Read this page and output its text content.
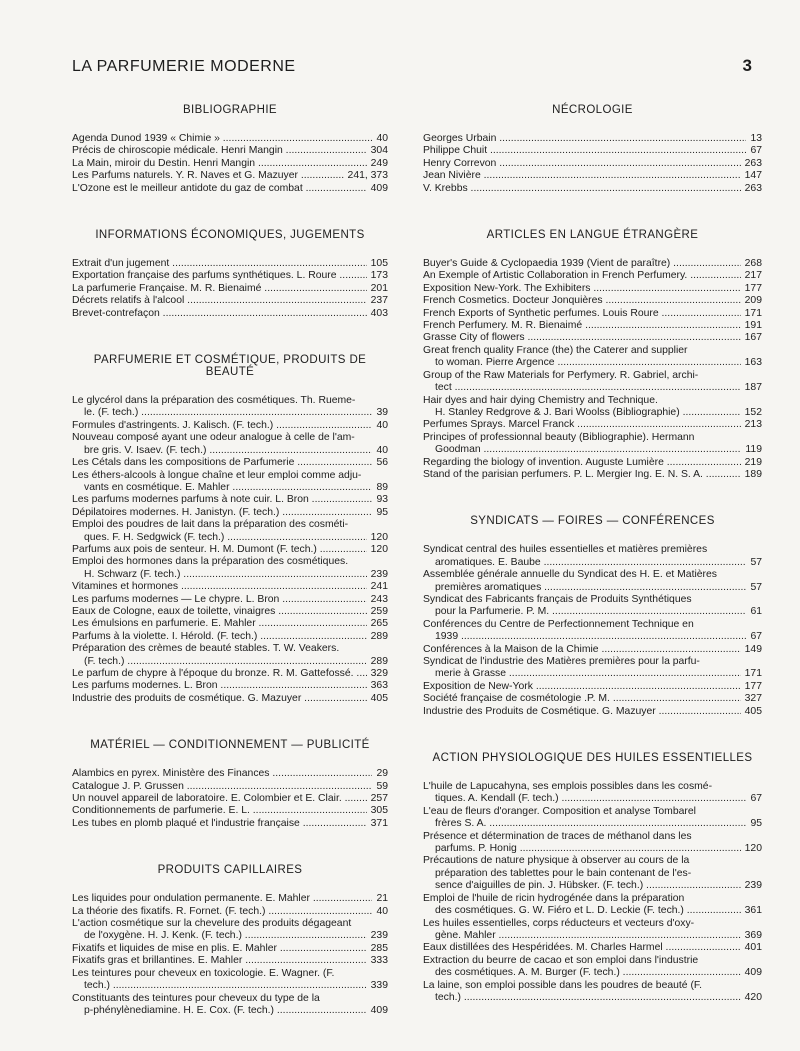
LA PARFUMERIE MODERNE	3
BIBLIOGRAPHIE
Agenda Dunod 1939 « Chimie » .....	40
Précis de chiroscopie médicale. Henri Mangin .....	304
La Main, miroir du Destin. Henri Mangin .....	249
Les Parfums naturels. Y. R. Naves et G. Mazuyer .....	241, 373
L'Ozone est le meilleur antidote du gaz de combat .....	409
INFORMATIONS ÉCONOMIQUES, JUGEMENTS
Extrait d'un jugement .....	105
Exportation française des parfums synthétiques. L. Roure .....	173
La parfumerie Française. M. R. Bienaimé .....	201
Décrets relatifs à l'alcool .....	237
Brevet-contrefaçon .....	403
PARFUMERIE ET COSMÉTIQUE, PRODUITS DE BEAUTÉ
Le glycérol dans la préparation des cosmétiques. Th. Rueme-
le. (F. tech.) .....	39
Formules d'astringents. J. Kalisch. (F. tech.) .....	40
Nouveau composé ayant une odeur analogue à celle de l'am-
bre gris. V. Isaev. (F. tech.) .....	40
Les Cétals dans les compositions de Parfumerie .....	56
Les éthers-alcools à longue chaîne et leur emploi comme adju-
vants en cosmétique. E. Mahler .....	89
Les parfums modernes parfums à note cuir. L. Bron .....	93
Dépilatoires modernes. H. Janistyn. (F. tech.) .....	95
Emploi des poudres de lait dans la préparation des cosméti-
ques. F. H. Sedgwick (F. tech.) .....	120
Parfums aux pois de senteur. H. M. Dumont (F. tech.) .....	120
Emploi des hormones dans la préparation des cosmétiques.
H. Schwarz (F. tech.) .....	239
Vitamines et hormones .....	241
Les parfums modernes — Le chypre. L. Bron .....	243
Eaux de Cologne, eaux de toilette, vinaigres .....	259
Les émulsions en parfumerie. E. Mahler .....	265
Parfums à la violette. I. Hérold. (F. tech.) .....	289
Préparation des crèmes de beauté stables. T. W. Veakers.
(F. tech.) .....	289
Le parfum de chypre à l'époque du bronze. R. M. Gattefossé. .....	329
Les parfums modernes. L. Bron .....	363
Industrie des produits de cosmétique. G. Mazuyer .....	405
MATÉRIEL — CONDITIONNEMENT — PUBLICITÉ
Alambics en pyrex. Ministère des Finances .....	29
Catalogue J. P. Grussen .....	59
Un nouvel appareil de laboratoire. E. Colombier et E. Clair. .....	257
Conditionnements de parfumerie. E. L. .....	305
Les tubes en plomb plaqué et l'industrie française .....	371
PRODUITS CAPILLAIRES
Les liquides pour ondulation permanente. E. Mahler .....	21
La théorie des fixatifs. R. Fornet. (F. tech.) .....	40
L'action cosmétique sur la chevelure des produits dégageant
de l'oxygène. H. J. Kenk. (F. tech.) .....	239
Fixatifs et liquides de mise en plis. E. Mahler .....	285
Fixatifs gras et brillantines. E. Mahler .....	333
Les teintures pour cheveux en toxicologie. E. Wagner. (F.
tech.) .....	339
Constituants des teintures pour cheveux du type de la
p-phénylènediamine. H. E. Cox. (F. tech.) .....	409
NÉCROLOGIE
Georges Urbain .....	13
Philippe Chuit .....	67
Henry Correvon .....	263
Jean Nivière .....	147
V. Krebbs .....	263
ARTICLES EN LANGUE ÉTRANGÈRE
Buyer's Guide & Cyclopaedia 1939 (Vient de paraître) .....	268
An Exemple of Artistic Collaboration in French Perfumery. .....	217
Exposition New-York. The Exhibiters .....	177
French Cosmetics. Docteur Jonquières .....	209
French Exports of Synthetic perfumes. Louis Roure .....	171
French Perfumery. M. R. Bienaimé .....	191
Grasse City of flowers .....	167
Great french quality France (the) the Caterer and supplier
to woman. Pierre Argence .....	163
Group of the Raw Materials for Perfymery. R. Gabriel, archi-
tect .....	187
Hair dyes and hair dying Chemistry and Technique.
H. Stanley Redgrove & J. Bari Woolss (Bibliographie) .....	152
Perfumes Sprays. Marcel Franck .....	213
Principes of professionnal beauty (Bibliographie). Hermann
Goodman .....	119
Regarding the biology of invention. Auguste Lumière .....	219
Stand of the parisian perfumers. P. L. Mergier Ing. E. N. S. A. .....	189
SYNDICATS — FOIRES — CONFÉRENCES
Syndicat central des huiles essentielles et matières premières
aromatiques. E. Baube .....	57
Assemblée générale annuelle du Syndicat des H. E. et Matières
premières aromatiques .....	57
Syndicat des Fabricants français de Produits Synthétiques
pour la Parfumerie. P. M. .....	61
Conférences du Centre de Perfectionnement Technique en
1939 .....	67
Conférences à la Maison de la Chimie .....	149
Syndicat de l'industrie des Matières premières pour la parfu-
merie à Grasse .....	171
Exposition de New-York .....	177
Société française de cosmétologie .P. M. .....	327
Industrie des Produits de Cosmétique. G. Mazuyer .....	405
ACTION PHYSIOLOGIQUE DES HUILES ESSENTIELLES
L'huile de Lapucahyna, ses emplois possibles dans les cosmé-
tiques. A. Kendall (F. tech.) .....	67
L'eau de fleurs d'oranger. Composition et analyse Tombarel
frères S. A. .....	95
Présence et détermination de traces de méthanol dans les
parfums. P. Honig .....	120
Précautions de nature physique à observer au cours de la
préparation des tablettes pour le bain contenant de l'es-
sence d'aiguilles de pin. J. Hübsker. (F. tech.) .....	239
Emploi de l'huile de ricin hydrogénée dans la préparation
des cosmétiques. G. W. Fiéro et L. D. Leckie (F. tech.) .....	361
Les huiles essentielles, corps réducteurs et vecteurs d'oxy-
gène. Mahler .....	369
Eaux distillées des Hespéridées. M. Charles Harmel .....	401
Extraction du beurre de cacao et son emploi dans l'industrie
des cosmétiques. A. M. Burger (F. tech.) .....	409
La laine, son emploi possible dans les poudres de beauté (F.
tech.) .....	420
